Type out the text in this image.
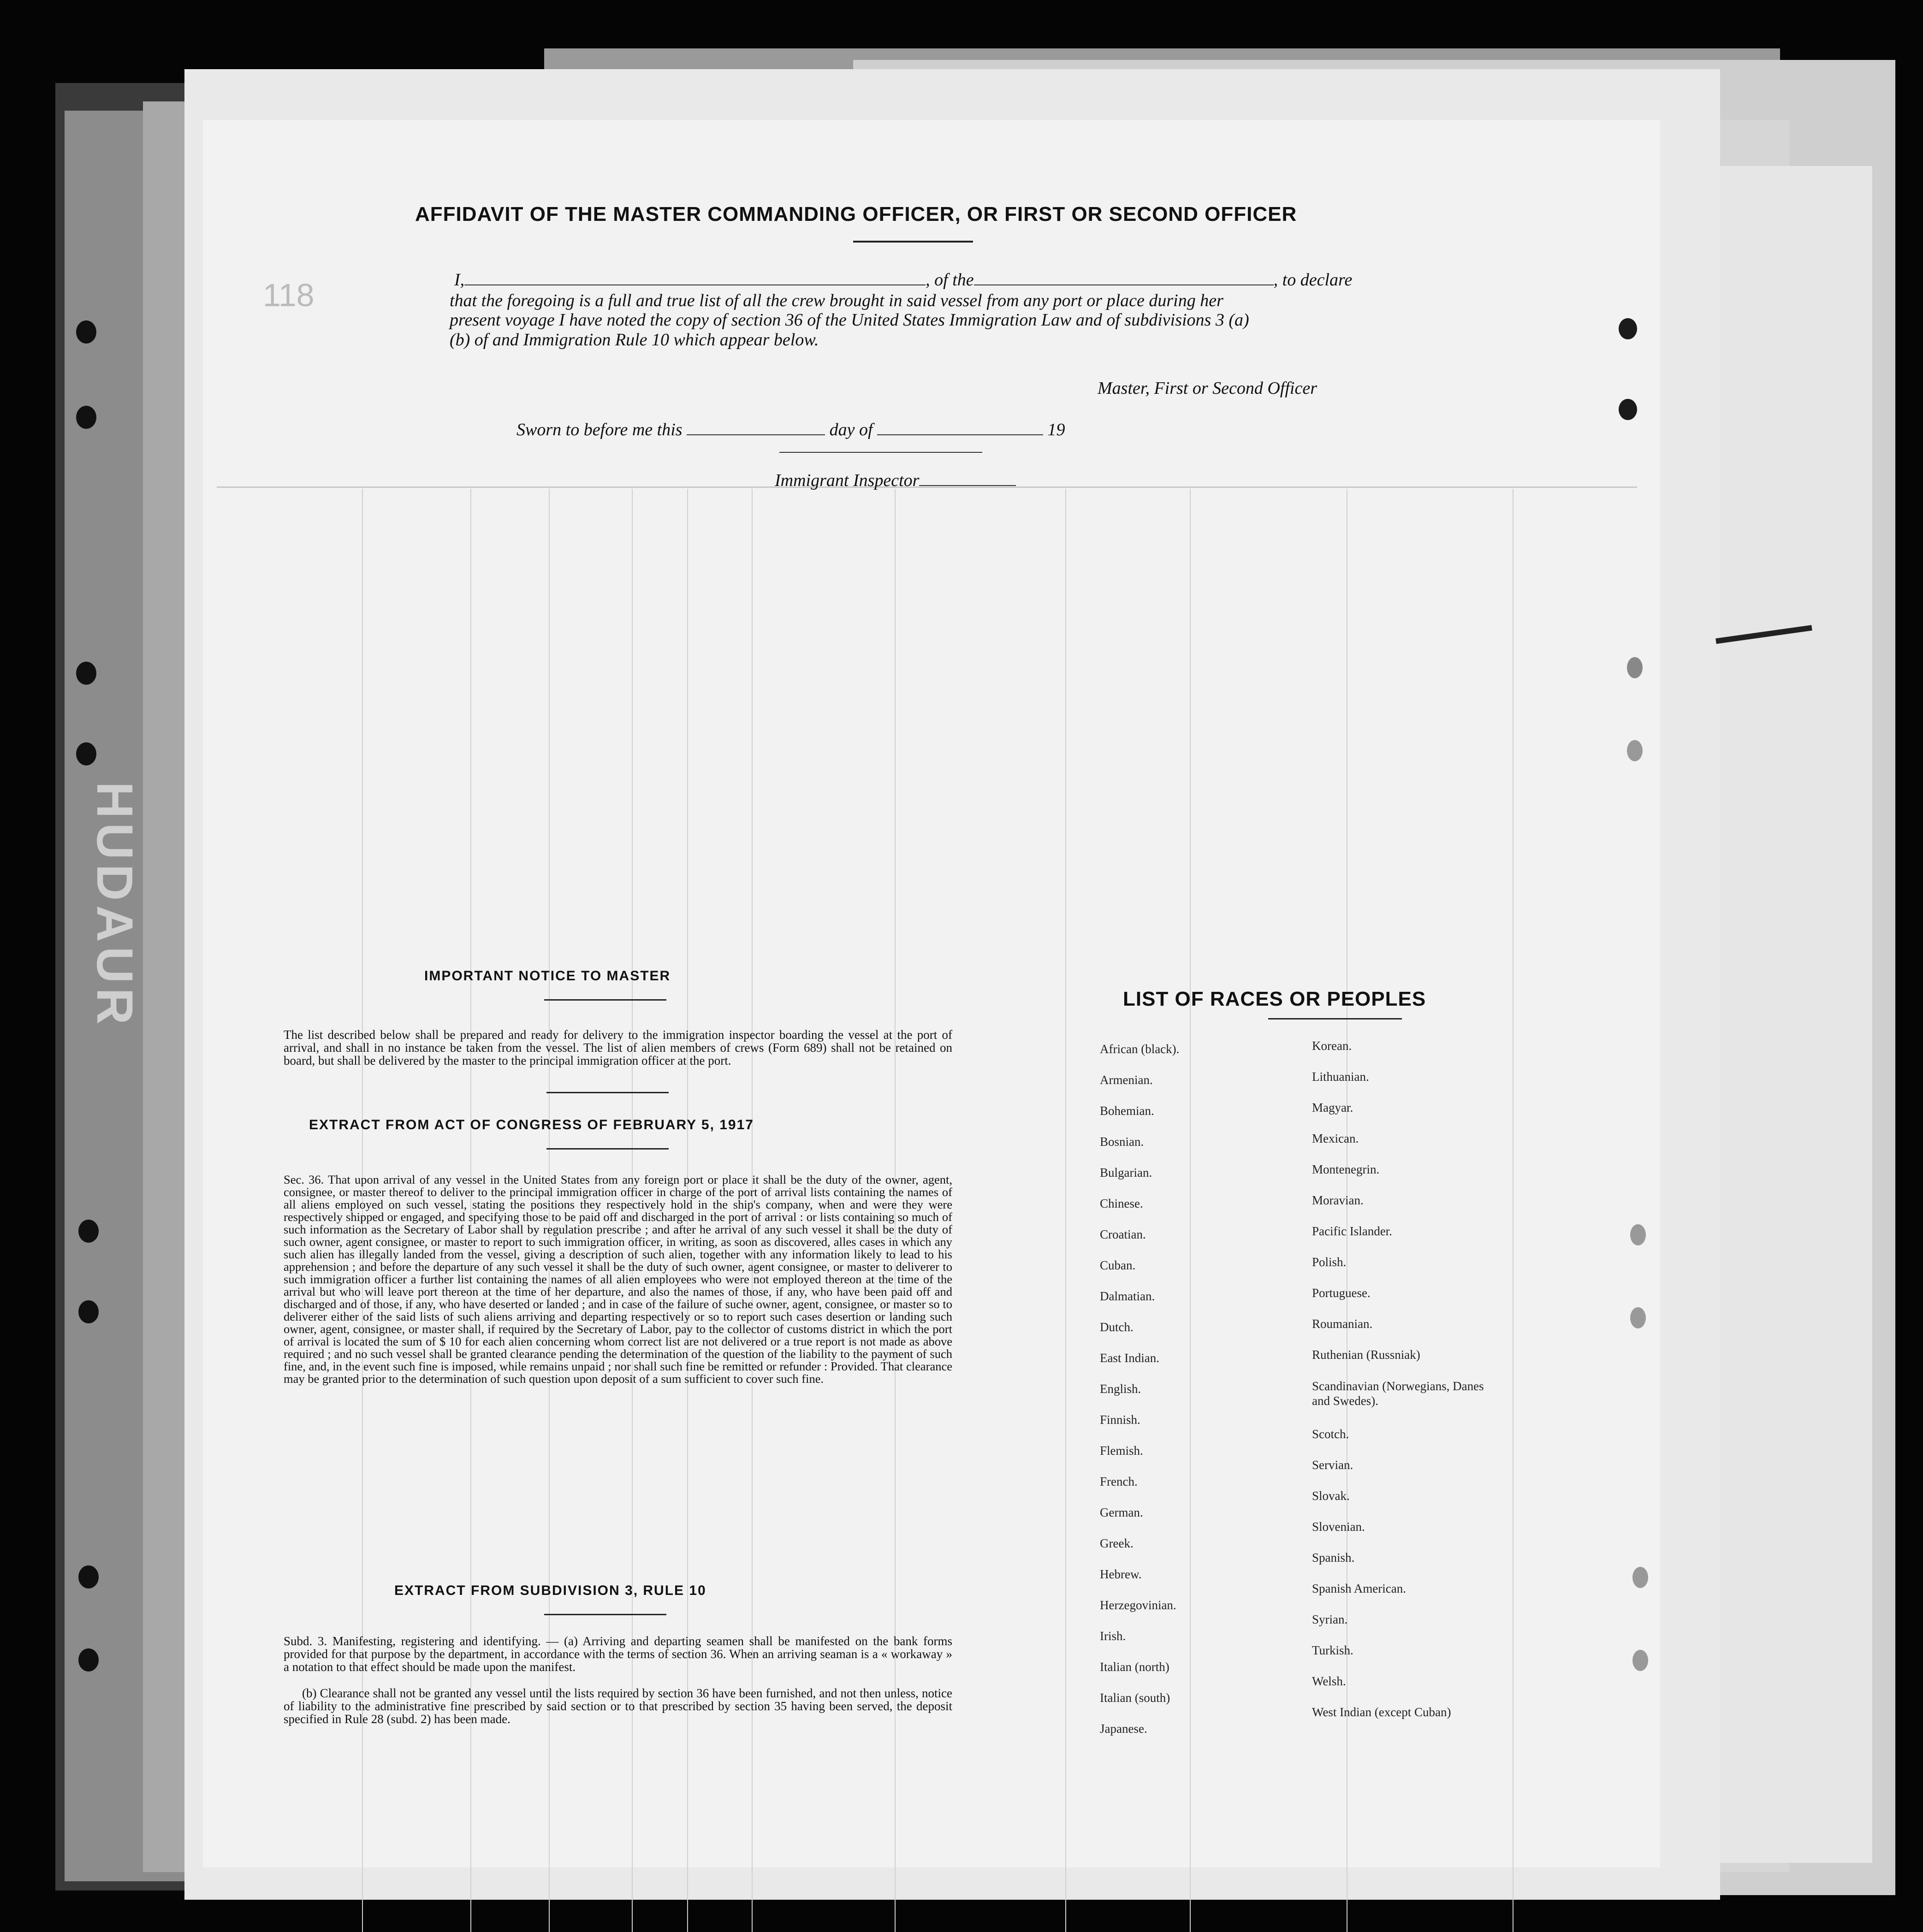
HUDAUR
118
AFFIDAVIT OF THE MASTER COMMANDING OFFICER, OR FIRST OR SECOND OFFICER
I,	, of the	, to declare
that the foregoing is a full and true list of all the crew brought in said vessel from any port or place during her
present voyage I have noted the copy of section 36 of the United States Immigration Law and of subdivisions 3 (a)
(b) of and Immigration Rule 10 which appear below.
Master, First or Second Officer
Sworn to before me this	day of	19
Immigrant Inspector
IMPORTANT NOTICE TO MASTER
The list described below shall be prepared and ready for delivery to the immigration inspector boarding the vessel at the port of arrival, and shall in no instance be taken from the vessel. The list of alien members of crews (Form 689) shall not be retained on board, but shall be delivered by the master to the principal immigration officer at the port.
EXTRACT FROM ACT OF CONGRESS OF FEBRUARY 5, 1917
Sec. 36. That upon arrival of any vessel in the United States from any foreign port or place it shall be the duty of the owner, agent, consignee, or master thereof to deliver to the principal immigration officer in charge of the port of arrival lists containing the names of all aliens employed on such vessel, stating the positions they respectively hold in the ship's company, when and were they were respectively shipped or engaged, and specifying those to be paid off and discharged in the port of arrival : or lists containing so much of such information as the Secretary of Labor shall by regulation prescribe ; and after he arrival of any such vessel it shall be the duty of such owner, agent consignee, or master to report to such immigration officer, in writing, as soon as discovered, alles cases in which any such alien has illegally landed from the vessel, giving a description of such alien, together with any information likely to lead to his apprehension ; and before the departure of any such vessel it shall be the duty of such owner, agent consignee, or master to deliverer to such immigration officer a further list containing the names of all alien employees who were not employed thereon at the time of the arrival but who will leave port thereon at the time of her departure, and also the names of those, if any, who have been paid off and discharged and of those, if any, who have deserted or landed ; and in case of the failure of suche owner, agent, consignee, or master so to deliverer either of the said lists of such aliens arriving and departing respectively or so to report such cases desertion or landing such owner, agent, consignee, or master shall, if required by the Secretary of Labor, pay to the collector of customs district in which the port of arrival is located the sum of $ 10 for each alien concerning whom correct list are not delivered or a true report is not made as above required ; and no such vessel shall be granted clearance pending the determination of the question of the liability to the payment of such fine, and, in the event such fine is imposed, while remains unpaid ; nor shall such fine be remitted or refunder : Provided. That clearance may be granted prior to the determination of such question upon deposit of a sum sufficient to cover such fine.
EXTRACT FROM SUBDIVISION 3, RULE 10
Subd. 3. Manifesting, registering and identifying. — (a) Arriving and departing seamen shall be manifested on the bank forms provided for that purpose by the department, in accordance with the terms of section 36. When an arriving seaman is a « workaway » a notation to that effect should be made upon the manifest.
(b) Clearance shall not be granted any vessel until the lists required by section 36 have been furnished, and not then unless, notice of liability to the administrative fine prescribed by said section or to that prescribed by section 35 having been served, the deposit specified in Rule 28 (subd. 2) has been made.
LIST OF RACES OR PEOPLES
African (black).
Armenian.
Bohemian.
Bosnian.
Bulgarian.
Chinese.
Croatian.
Cuban.
Dalmatian.
Dutch.
East Indian.
English.
Finnish.
Flemish.
French.
German.
Greek.
Hebrew.
Herzegovinian.
Irish.
Italian (north)
Italian (south)
Japanese.
Korean.
Lithuanian.
Magyar.
Mexican.
Montenegrin.
Moravian.
Pacific Islander.
Polish.
Portuguese.
Roumanian.
Ruthenian (Russniak)
Scandinavian (Norwegians, Danes and Swedes).
Scotch.
Servian.
Slovak.
Slovenian.
Spanish.
Spanish American.
Syrian.
Turkish.
Welsh.
West Indian (except Cuban)
